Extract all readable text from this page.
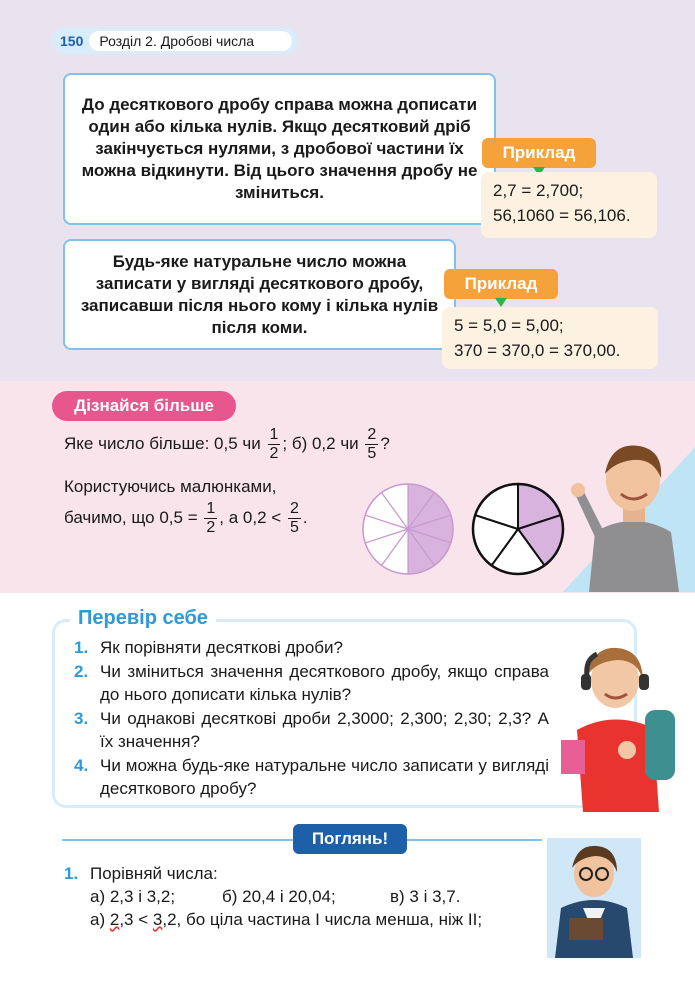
150	Розділ 2. Дробові числа
До десяткового дробу справа можна дописати один або кілька нулів. Якщо десятковий дріб закінчується нулями, з дробової частини їх можна відкинути. Від цього значення дробу не зміниться.
Будь-яке натуральне число можна записати у вигляді десяткового дробу, записавши після нього кому і кілька нулів після коми.
Приклад
2,7 = 2,700;
56,1060 = 56,106.
Приклад
5 = 5,0 = 5,00;
370 = 370,0 = 370,00.
Дізнайся більше
Яке число більше: 0,5 чи $\frac{1}{2}$ ; б) 0,2 чи $\frac{2}{5}$ ?
Користуючись малюнками,
бачимо, що $0,5 = \frac{1}{2}$ , а $0,2 < \frac{2}{5}$ .
Перевір себе
1. Як порівняти десяткові дроби?
2. Чи зміниться значення десяткового дробу, якщо справа до нього дописати кілька нулів?
3. Чи однакові десяткові дроби 2,3000; 2,300; 2,30; 2,3? А їх значення?
4. Чи можна будь-яке натуральне число записати у вигляді десяткового дробу?
Поглянь!
1. Порівняй числа:
а) 2,3 і 3,2;	б) 20,4 і 20,04;	в) 3 і 3,7.
а) 2,3 < 3,2, бо ціла частина І числа менша, ніж ІІ;
